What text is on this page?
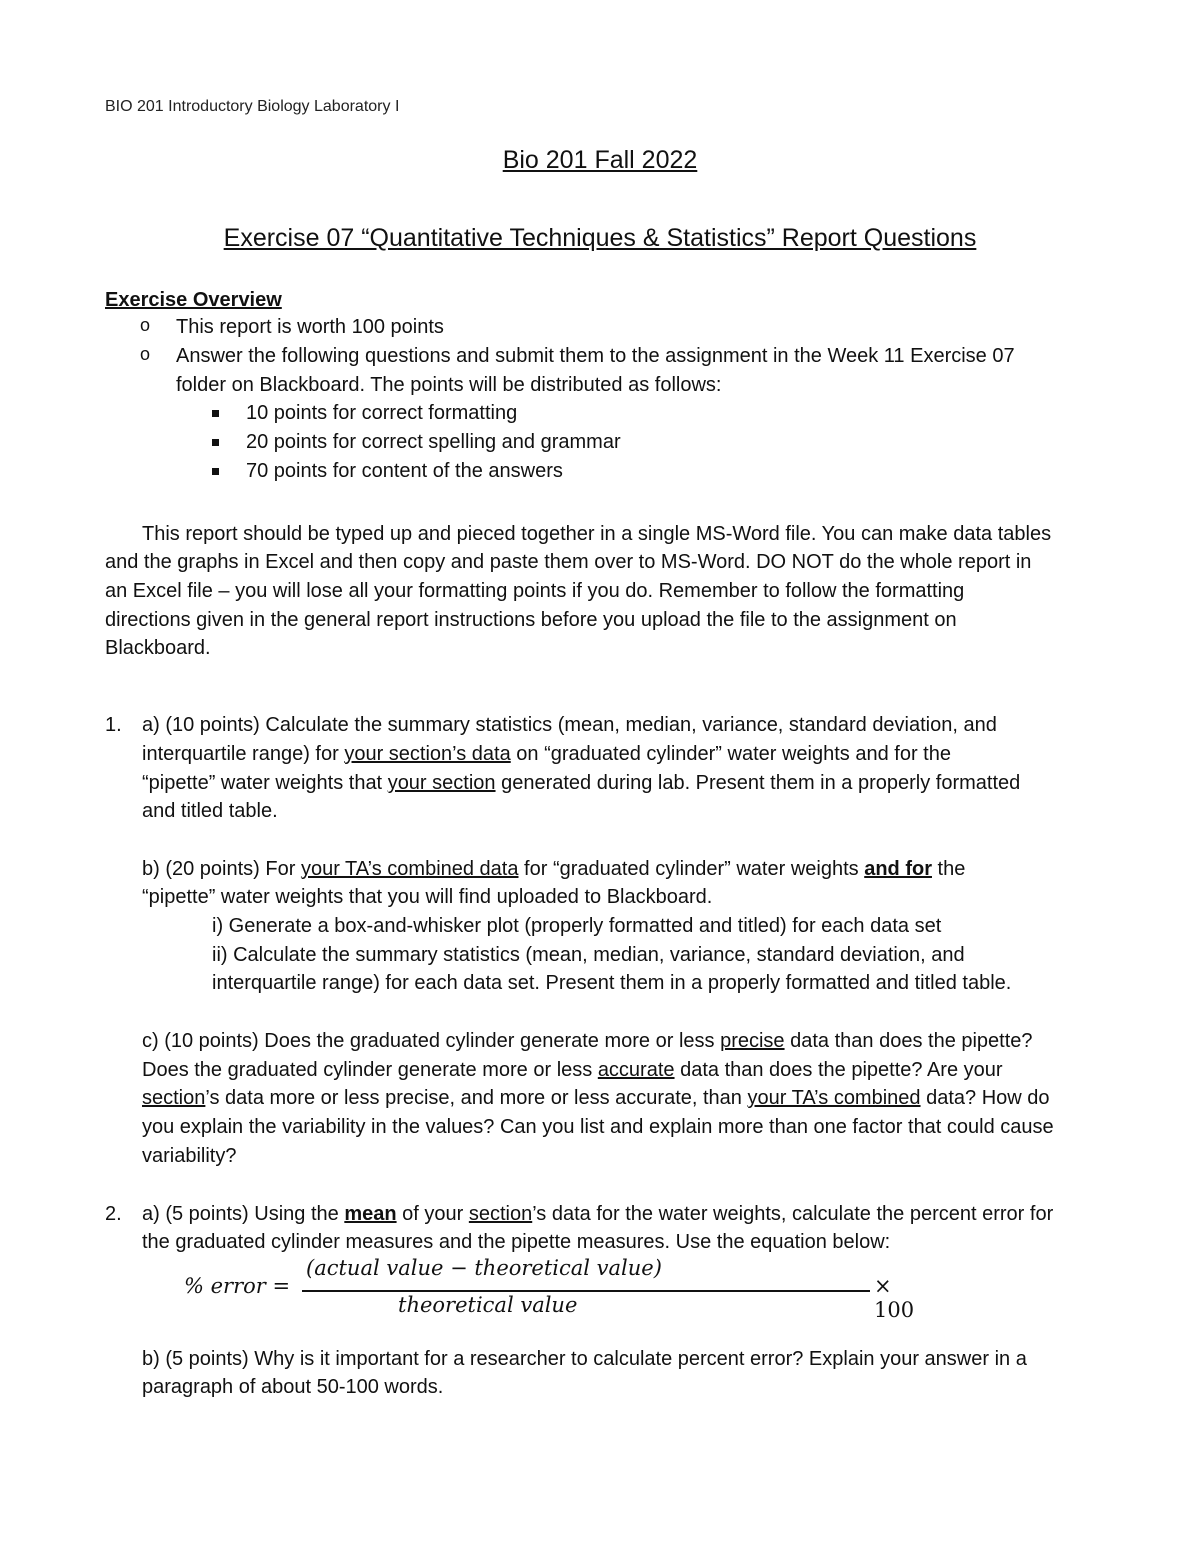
BIO 201 Introductory Biology Laboratory I
Bio 201 Fall 2022
Exercise 07 “Quantitative Techniques & Statistics” Report Questions
Exercise Overview
o This report is worth 100 points
o Answer the following questions and submit them to the assignment in the Week 11 Exercise 07
folder on Blackboard. The points will be distributed as follows:
10 points for correct formatting
20 points for correct spelling and grammar
70 points for content of the answers
This report should be typed up and pieced together in a single MS-Word file. You can make data tables
and the graphs in Excel and then copy and paste them over to MS-Word. DO NOT do the whole report in
an Excel file – you will lose all your formatting points if you do. Remember to follow the formatting
directions given in the general report instructions before you upload the file to the assignment on
Blackboard.
1. a) (10 points) Calculate the summary statistics (mean, median, variance, standard deviation, and
interquartile range) for your section’s data on “graduated cylinder” water weights and for the
“pipette” water weights that your section generated during lab. Present them in a properly formatted
and titled table.
b) (20 points) For your TA’s combined data for “graduated cylinder” water weights and for the
“pipette” water weights that you will find uploaded to Blackboard.
i) Generate a box-and-whisker plot (properly formatted and titled) for each data set
ii) Calculate the summary statistics (mean, median, variance, standard deviation, and
interquartile range) for each data set. Present them in a properly formatted and titled table.
c) (10 points) Does the graduated cylinder generate more or less precise data than does the pipette?
Does the graduated cylinder generate more or less accurate data than does the pipette? Are your
section’s data more or less precise, and more or less accurate, than your TA’s combined data? How do
you explain the variability in the values? Can you list and explain more than one factor that could cause
variability?
2. a) (5 points) Using the mean of your section’s data for the water weights, calculate the percent error for
the graduated cylinder measures and the pipette measures. Use the equation below:
% error =
(actual value − theoretical value)
theoretical value
× 100
b) (5 points) Why is it important for a researcher to calculate percent error? Explain your answer in a
paragraph of about 50-100 words.
